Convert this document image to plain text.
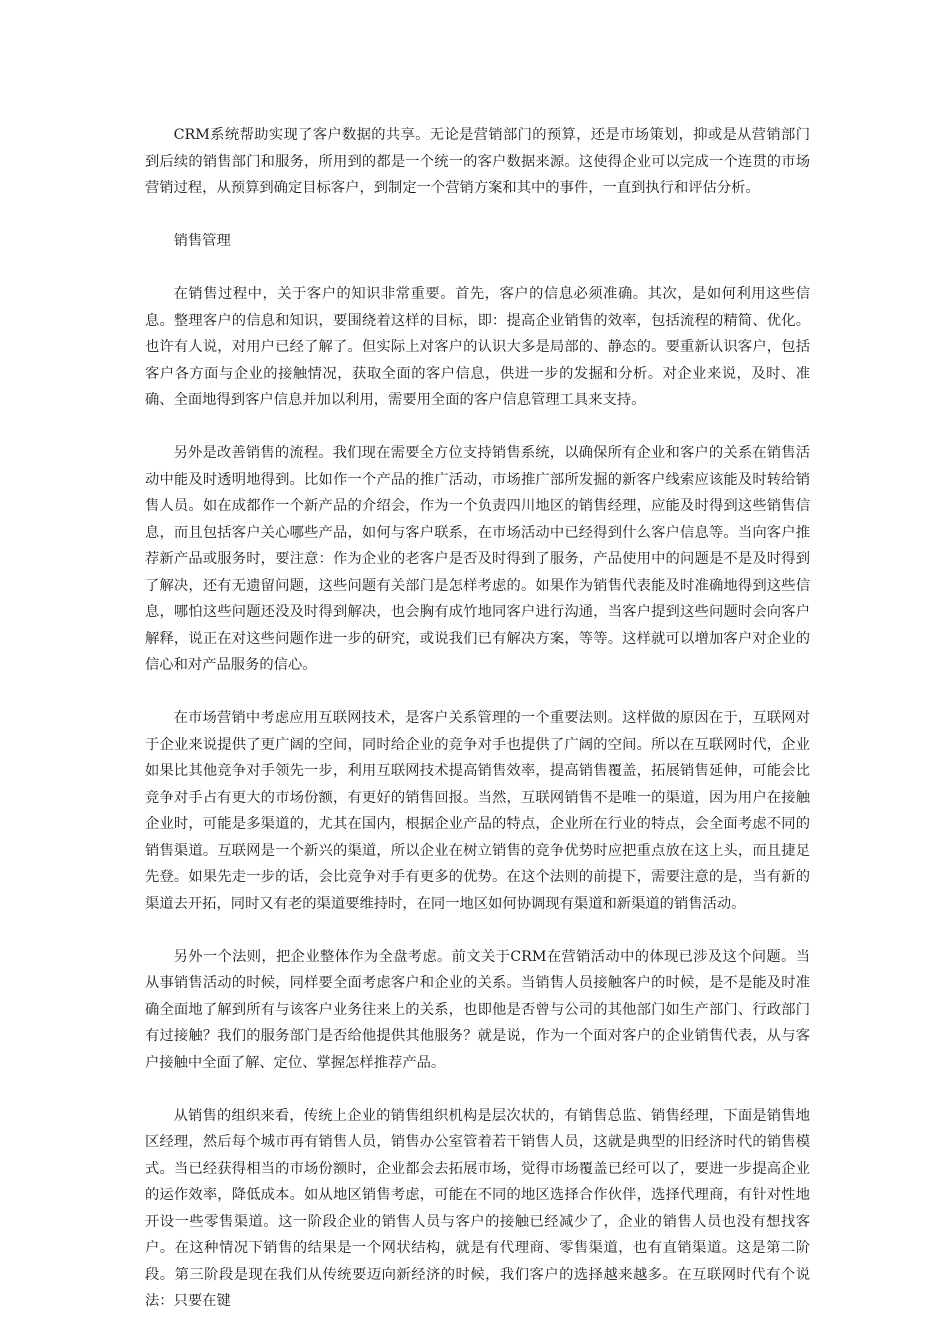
CRM系统帮助实现了客户数据的共享。无论是营销部门的预算，还是市场策划，抑或是从营销部门到后续的销售部门和服务，所用到的都是一个统一的客户数据来源。这使得企业可以完成一个连贯的市场营销过程，从预算到确定目标客户，到制定一个营销方案和其中的事件，一直到执行和评估分析。

销售管理

在销售过程中，关于客户的知识非常重要。首先，客户的信息必须准确。其次，是如何利用这些信息。整理客户的信息和知识，要围绕着这样的目标，即：提高企业销售的效率，包括流程的精简、优化。也许有人说，对用户已经了解了。但实际上对客户的认识大多是局部的、静态的。要重新认识客户，包括客户各方面与企业的接触情况，获取全面的客户信息，供进一步的发掘和分析。对企业来说，及时、准确、全面地得到客户信息并加以利用，需要用全面的客户信息管理工具来支持。

另外是改善销售的流程。我们现在需要全方位支持销售系统，以确保所有企业和客户的关系在销售活动中能及时透明地得到。比如作一个产品的推广活动，市场推广部所发掘的新客户线索应该能及时转给销售人员。如在成都作一个新产品的介绍会，作为一个负责四川地区的销售经理，应能及时得到这些销售信息，而且包括客户关心哪些产品，如何与客户联系，在市场活动中已经得到什么客户信息等。当向客户推荐新产品或服务时，要注意：作为企业的老客户是否及时得到了服务，产品使用中的问题是不是及时得到了解决，还有无遗留问题，这些问题有关部门是怎样考虑的。如果作为销售代表能及时准确地得到这些信息，哪怕这些问题还没及时得到解决，也会胸有成竹地同客户进行沟通，当客户提到这些问题时会向客户解释，说正在对这些问题作进一步的研究，或说我们已有解决方案，等等。这样就可以增加客户对企业的信心和对产品服务的信心。

在市场营销中考虑应用互联网技术，是客户关系管理的一个重要法则。这样做的原因在于，互联网对于企业来说提供了更广阔的空间，同时给企业的竞争对手也提供了广阔的空间。所以在互联网时代，企业如果比其他竞争对手领先一步，利用互联网技术提高销售效率，提高销售覆盖，拓展销售延伸，可能会比竞争对手占有更大的市场份额，有更好的销售回报。当然，互联网销售不是唯一的渠道，因为用户在接触企业时，可能是多渠道的，尤其在国内，根据企业产品的特点，企业所在行业的特点，会全面考虑不同的销售渠道。互联网是一个新兴的渠道，所以企业在树立销售的竞争优势时应把重点放在这上头，而且捷足先登。如果先走一步的话，会比竞争对手有更多的优势。在这个法则的前提下，需要注意的是，当有新的渠道去开拓，同时又有老的渠道要维持时，在同一地区如何协调现有渠道和新渠道的销售活动。

另外一个法则，把企业整体作为全盘考虑。前文关于CRM在营销活动中的体现已涉及这个问题。当从事销售活动的时候，同样要全面考虑客户和企业的关系。当销售人员接触客户的时候，是不是能及时准确全面地了解到所有与该客户业务往来上的关系，也即他是否曾与公司的其他部门如生产部门、行政部门有过接触？我们的服务部门是否给他提供其他服务？就是说，作为一个面对客户的企业销售代表，从与客户接触中全面了解、定位、掌握怎样推荐产品。

从销售的组织来看，传统上企业的销售组织机构是层次状的，有销售总监、销售经理，下面是销售地区经理，然后每个城市再有销售人员，销售办公室管着若干销售人员，这就是典型的旧经济时代的销售模式。当已经获得相当的市场份额时，企业都会去拓展市场，觉得市场覆盖已经可以了，要进一步提高企业的运作效率，降低成本。如从地区销售考虑，可能在不同的地区选择合作伙伴，选择代理商，有针对性地开设一些零售渠道。这一阶段企业的销售人员与客户的接触已经减少了，企业的销售人员也没有想找客户。在这种情况下销售的结果是一个网状结构，就是有代理商、零售渠道，也有直销渠道。这是第二阶段。第三阶段是现在我们从传统要迈向新经济的时候，我们客户的选择越来越多。在互联网时代有个说法：只要在键
